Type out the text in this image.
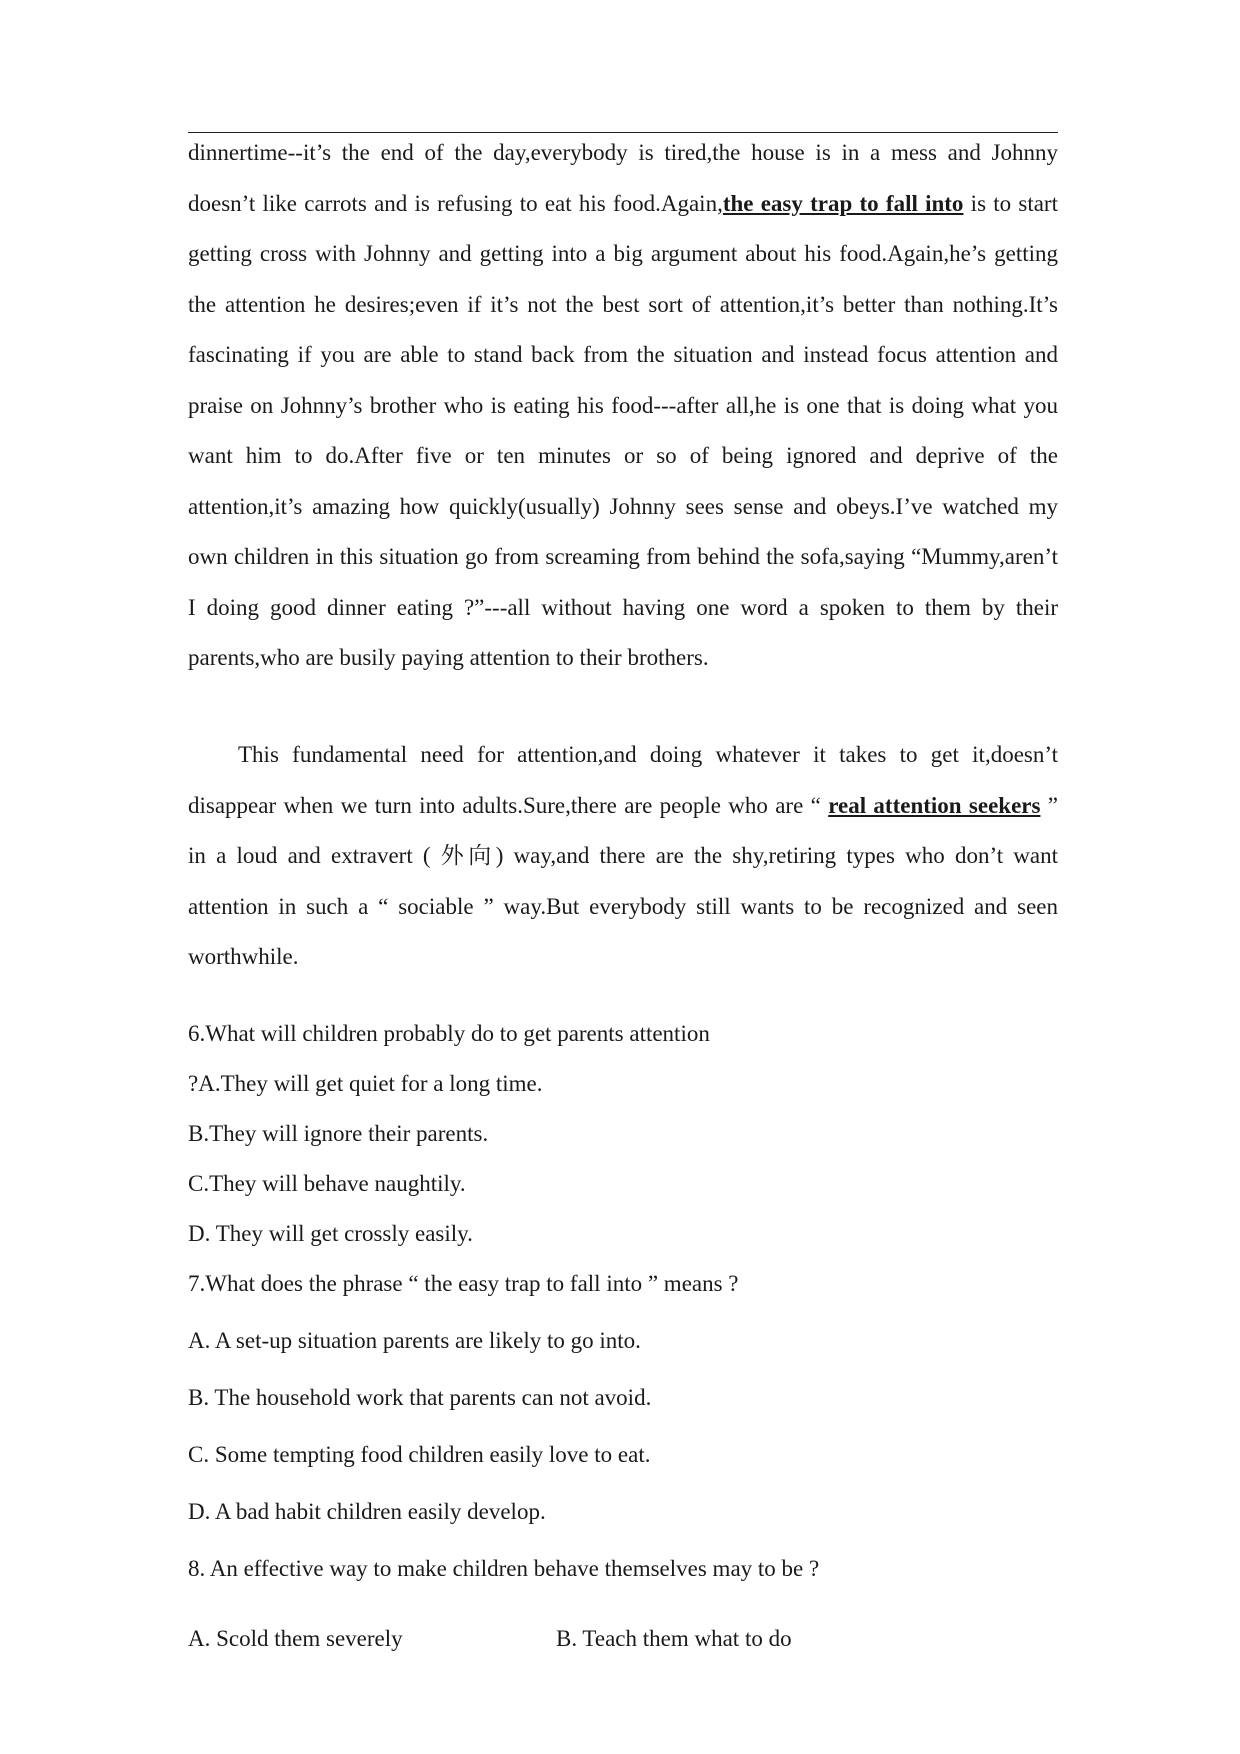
dinnertime--it’s the end of the day,everybody is tired,the house is in a mess and Johnny doesn’t like carrots and is refusing to eat his food.Again,the easy trap to fall into is to start getting cross with Johnny and getting into a big argument about his food.Again,he’s getting the attention he desires;even if it’s not the best sort of attention,it’s better than nothing.It’s fascinating if you are able to stand back from the situation and instead focus attention and praise on Johnny’s brother who is eating his food---after all,he is one that is doing what you want him to do.After five or ten minutes or so of being ignored and deprive of the attention,it’s amazing how quickly(usually) Johnny sees sense and obeys.I’ve watched my own children in this situation go from screaming from behind the sofa,saying “Mummy,aren’t I doing good dinner eating ?”---all without having one word a spoken to them by their parents,who are busily paying attention to their brothers.

This fundamental need for attention,and doing whatever it takes to get it,doesn’t disappear when we turn into adults.Sure,there are people who are “ real attention seekers ” in a loud and extravert ( 外向) way,and there are the shy,retiring types who don’t want attention in such a “ sociable ” way.But everybody still wants to be recognized and seen worthwhile.

6.What will children probably do to get parents attention
?A.They will get quiet for a long time.
B.They will ignore their parents.
C.They will behave naughtily.
D. They will get crossly easily.
7.What does the phrase “ the easy trap to fall into ” means ?
A. A set-up situation parents are likely to go into.
B. The household work that parents can not avoid.
C. Some tempting food children easily love to eat.
D. A bad habit children easily develop.
8. An effective way to make children behave themselves may to be ?
A. Scold them severely	B. Teach them what to do
